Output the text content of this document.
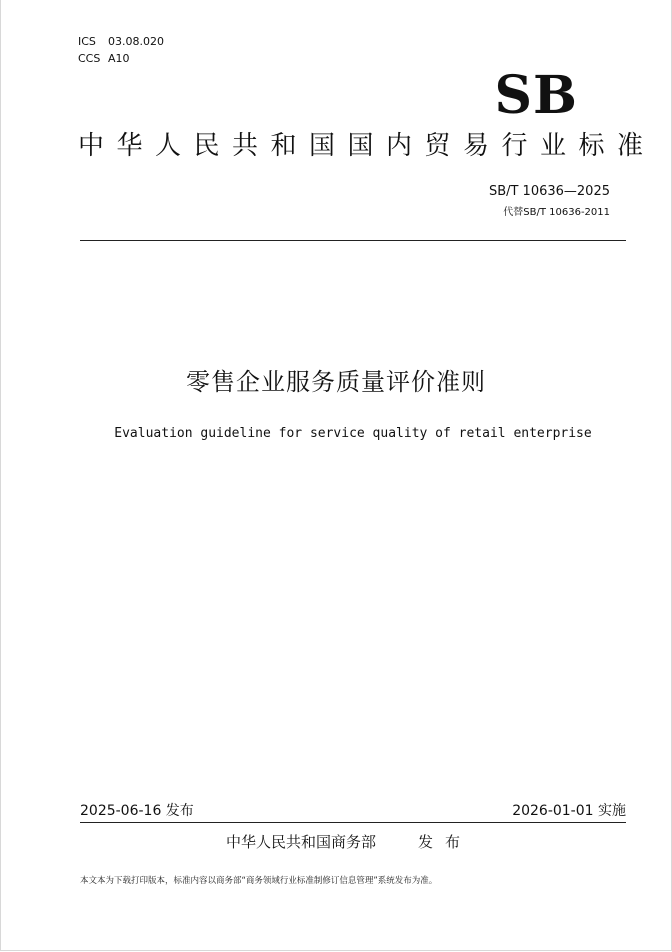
ICS 03.08.020
CCS A10
SB
中华人民共和国国内贸易行业标准
SB/T 10636—2025
代替SB/T 10636-2011
零售企业服务质量评价准则
Evaluation guideline for service quality of retail enterprise
2025-06-16 发布	2026-01-01 实施
中华人民共和国商务部	发布
本文本为下载打印版本，标准内容以商务部“商务领域行业标准制修订信息管理”系统发布为准。
